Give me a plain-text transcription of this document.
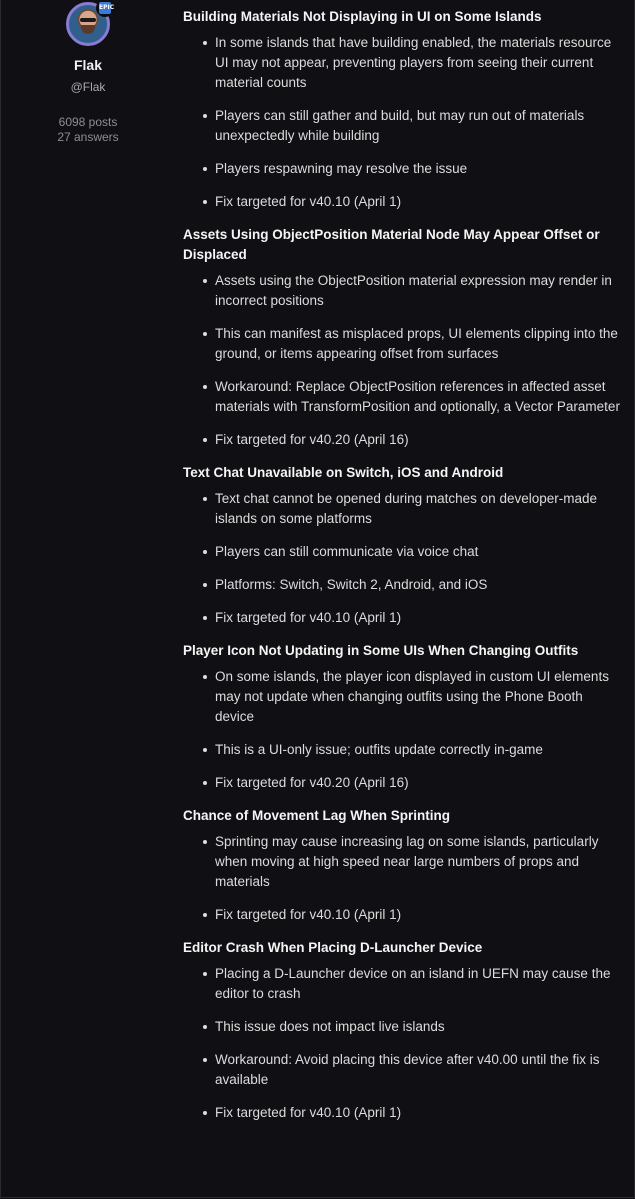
EPIC
Flak
@Flak
6098 posts
27 answers
Building Materials Not Displaying in UI on Some Islands
In some islands that have building enabled, the materials resource UI may not appear, preventing players from seeing their current material counts
Players can still gather and build, but may run out of materials unexpectedly while building
Players respawning may resolve the issue
Fix targeted for v40.10 (April 1)
Assets Using ObjectPosition Material Node May Appear Offset or Displaced
Assets using the ObjectPosition material expression may render in incorrect positions
This can manifest as misplaced props, UI elements clipping into the ground, or items appearing offset from surfaces
Workaround: Replace ObjectPosition references in affected asset materials with TransformPosition and optionally, a Vector Parameter
Fix targeted for v40.20 (April 16)
Text Chat Unavailable on Switch, iOS and Android
Text chat cannot be opened during matches on developer-made islands on some platforms
Players can still communicate via voice chat
Platforms: Switch, Switch 2, Android, and iOS
Fix targeted for v40.10 (April 1)
Player Icon Not Updating in Some UIs When Changing Outfits
On some islands, the player icon displayed in custom UI elements may not update when changing outfits using the Phone Booth device
This is a UI-only issue; outfits update correctly in-game
Fix targeted for v40.20 (April 16)
Chance of Movement Lag When Sprinting
Sprinting may cause increasing lag on some islands, particularly when moving at high speed near large numbers of props and materials
Fix targeted for v40.10 (April 1)
Editor Crash When Placing D-Launcher Device
Placing a D-Launcher device on an island in UEFN may cause the editor to crash
This issue does not impact live islands
Workaround: Avoid placing this device after v40.00 until the fix is available
Fix targeted for v40.10 (April 1)
